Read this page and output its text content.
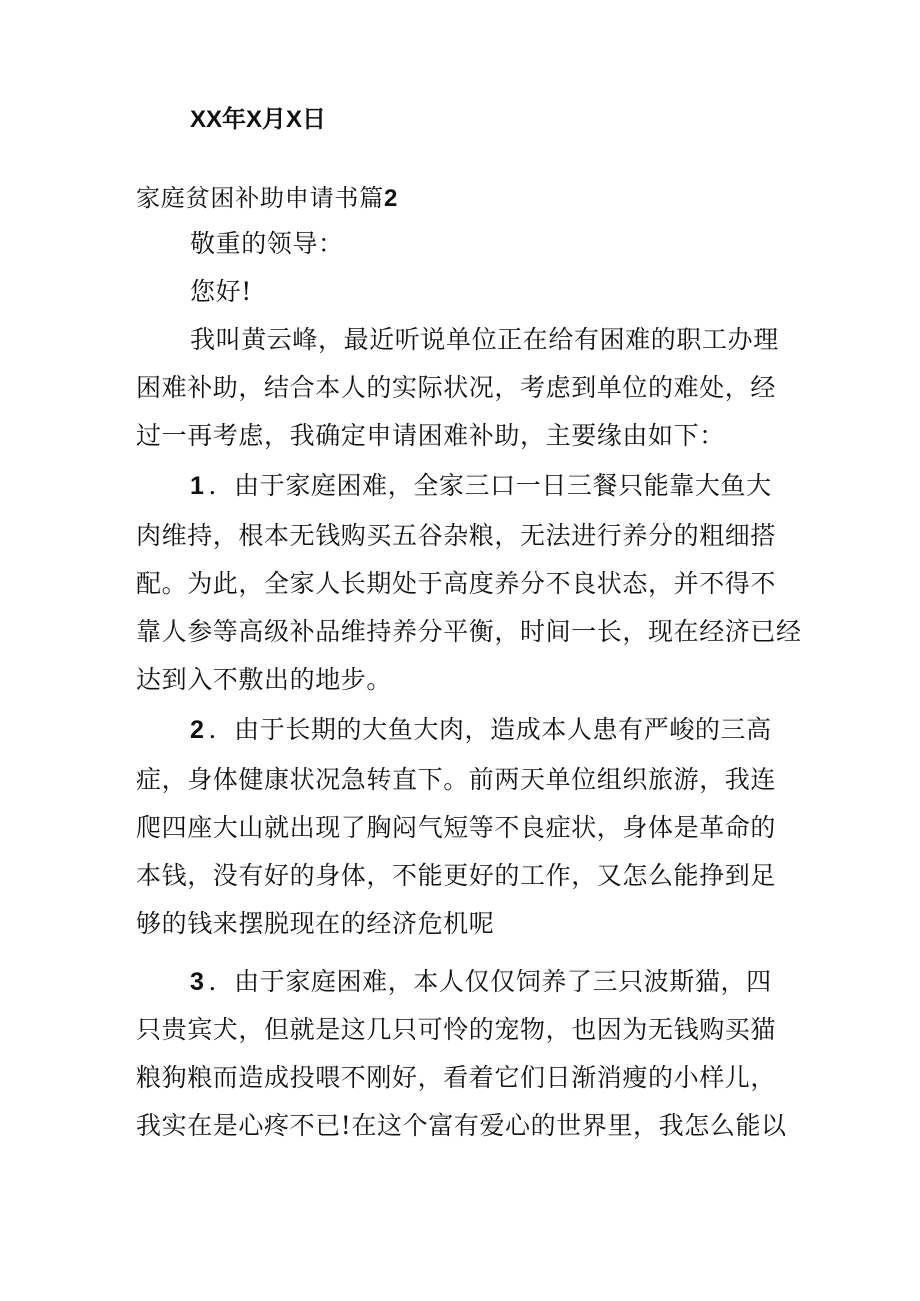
XX年X月X日
家庭贫困补助申请书篇2
敬重的领导：
您好!
我叫黄云峰，最近听说单位正在给有困难的职工办理
困难补助，结合本人的实际状况，考虑到单位的难处，经
过一再考虑，我确定申请困难补助，主要缘由如下：
1 ．由于家庭困难，全家三口一日三餐只能靠大鱼大
肉维持，根本无钱购买五谷杂粮，无法进行养分的粗细搭
配。为此，全家人长期处于高度养分不良状态，并不得不
靠人参等高级补品维持养分平衡，时间一长，现在经济已经
达到入不敷出的地步。
2 ．由于长期的大鱼大肉，造成本人患有严峻的三高
症，身体健康状况急转直下。前两天单位组织旅游，我连
爬四座大山就出现了胸闷气短等不良症状，身体是革命的
本钱，没有好的身体，不能更好的工作，又怎么能挣到足
够的钱来摆脱现在的经济危机呢
3 ．由于家庭困难，本人仅仅饲养了三只波斯猫，四
只贵宾犬，但就是这几只可怜的宠物，也因为无钱购买猫
粮狗粮而造成投喂不刚好，看着它们日渐消瘦的小样儿，
我实在是心疼不已!在这个富有爱心的世界里，我怎么能以
